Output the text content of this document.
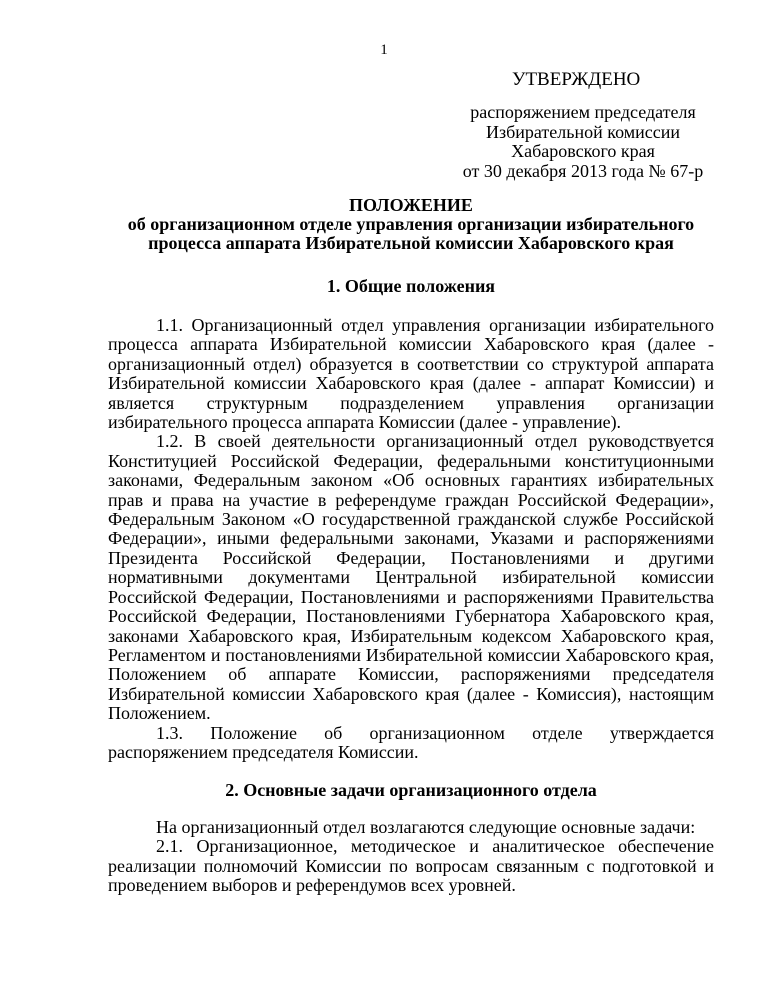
1
УТВЕРЖДЕНО
распоряжением председателя
Избирательной комиссии
Хабаровского края
от 30 декабря 2013 года № 67-р
ПОЛОЖЕНИЕ
об организационном отделе управления организации избирательного
процесса аппарата Избирательной комиссии Хабаровского края
1. Общие положения

1.1. Организационный отдел управления организации избирательного процесса аппарата Избирательной комиссии Хабаровского края (далее - организационный отдел) образуется в соответствии со структурой аппарата Избирательной комиссии Хабаровского края (далее - аппарат Комиссии) и является структурным подразделением управления организации избирательного процесса аппарата Комиссии (далее - управление).

1.2. В своей деятельности организационный отдел руководствуется Конституцией Российской Федерации, федеральными конституционными законами, Федеральным законом «Об основных гарантиях избирательных прав и права на участие в референдуме граждан Российской Федерации», Федеральным Законом «О государственной гражданской службе Российской Федерации», иными федеральными законами, Указами и распоряжениями Президента Российской Федерации, Постановлениями и другими нормативными документами Центральной избирательной комиссии Российской Федерации, Постановлениями и распоряжениями Правительства Российской Федерации, Постановлениями Губернатора Хабаровского края, законами Хабаровского края, Избирательным кодексом Хабаровского края, Регламентом и постановлениями Избирательной комиссии Хабаровского края, Положением об аппарате Комиссии, распоряжениями председателя Избирательной комиссии Хабаровского края (далее - Комиссия), настоящим Положением.

1.3. Положение об организационном отделе утверждается распоряжением председателя Комиссии.

2. Основные задачи организационного отдела

На организационный отдел возлагаются следующие основные задачи:

2.1. Организационное, методическое и аналитическое обеспечение реализации полномочий Комиссии по вопросам связанным с подготовкой и проведением выборов и референдумов всех уровней.
